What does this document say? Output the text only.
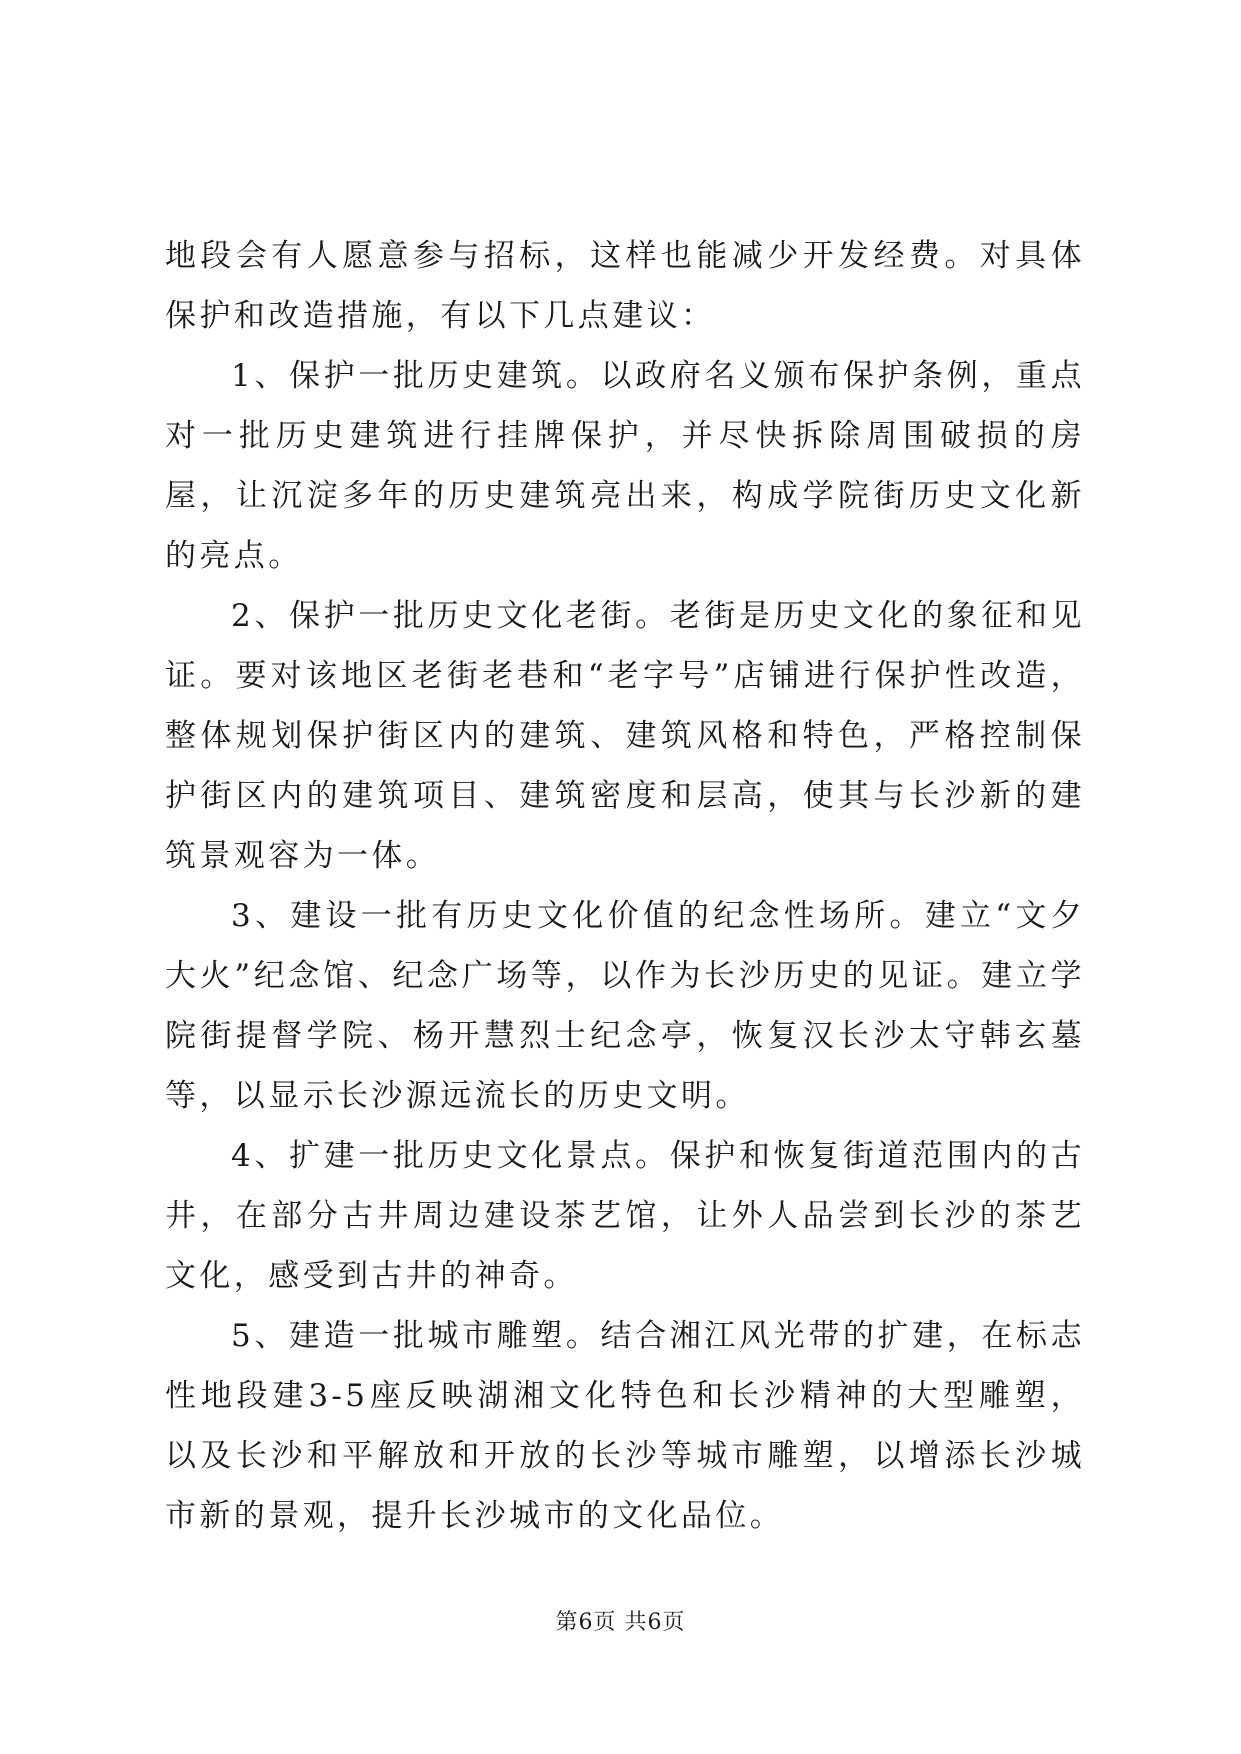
地段会有人愿意参与招标，这样也能减少开发经费。对具体保护和改造措施，有以下几点建议：

1、保护一批历史建筑。以政府名义颁布保护条例，重点对一批历史建筑进行挂牌保护，并尽快拆除周围破损的房屋，让沉淀多年的历史建筑亮出来，构成学院街历史文化新的亮点。

2、保护一批历史文化老街。老街是历史文化的象征和见证。要对该地区老街老巷和“老字号”店铺进行保护性改造，整体规划保护街区内的建筑、建筑风格和特色，严格控制保护街区内的建筑项目、建筑密度和层高，使其与长沙新的建筑景观容为一体。

3、建设一批有历史文化价值的纪念性场所。建立“文夕大火”纪念馆、纪念广场等，以作为长沙历史的见证。建立学院街提督学院、杨开慧烈士纪念亭，恢复汉长沙太守韩玄墓等，以显示长沙源远流长的历史文明。

4、扩建一批历史文化景点。保护和恢复街道范围内的古井，在部分古井周边建设茶艺馆，让外人品尝到长沙的茶艺文化，感受到古井的神奇。

5、建造一批城市雕塑。结合湘江风光带的扩建，在标志性地段建3-5座反映湖湘文化特色和长沙精神的大型雕塑，以及长沙和平解放和开放的长沙等城市雕塑，以增添长沙城市新的景观，提升长沙城市的文化品位。

第6页 共6页
